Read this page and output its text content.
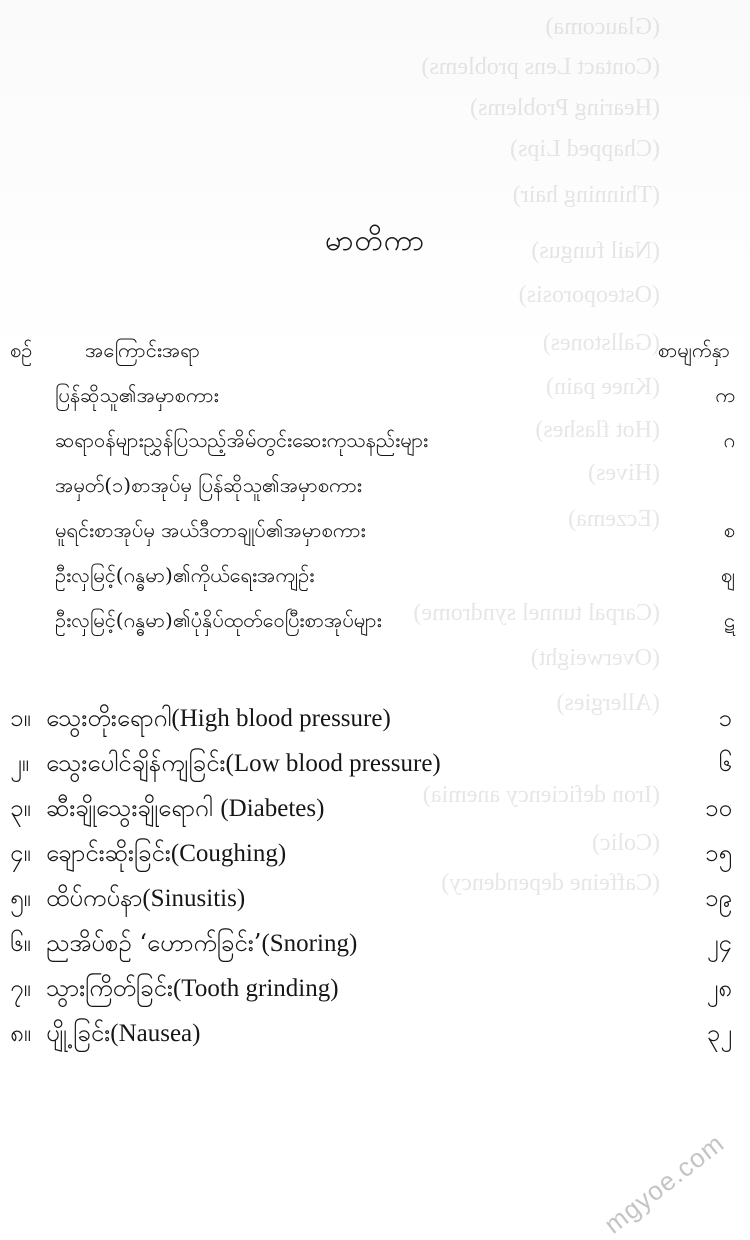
(Glaucoma)
(Contact Lens problems)
(Hearing Problems)
(Chapped Lips)
(Thinning hair)
(Nail fungus)
(Osteoporosis)
(Gallstones)
(Knee pain)
(Hot flashes)
(Hives)
(Eczema)
(Carpal tunnel syndrome)
(Overweight)
(Allergies)
(Iron deficiency anemia)
(Colic)
(Caffeine dependency)
မာတိကာ
စဉ်	အကြောင်းအရာ	စာမျက်နှာ
ပြန်ဆိုသူ၏အမှာစကား	က
ဆရာဝန်များညွှန်ပြသည့်အိမ်တွင်းဆေးကုသနည်းများ	ဂ
အမှတ်(၁)စာအုပ်မှ ပြန်ဆိုသူ၏အမှာစကား
မူရင်းစာအုပ်မှ အယ်ဒီတာချုပ်၏အမှာစကား	စ
ဦးလှမြင့်(ဂန္ဓမာ)၏ကိုယ်ရေးအကျဉ်း	ဈ
ဦးလှမြင့်(ဂန္ဓမာ)၏ပုံနှိပ်ထုတ်ဝေပြီးစာအုပ်များ	ဋ
၁။ သွေးတိုးရောဂါ(High blood pressure)	၁
၂။ သွေးပေါင်ချိန်ကျခြင်း(Low blood pressure)	၆
၃။ ဆီးချိုသွေးချိုရောဂါ (Diabetes)	၁၀
၄။ ချောင်းဆိုးခြင်း(Coughing)	၁၅
၅။ ထိပ်ကပ်နာ(Sinusitis)	၁၉
၆။ ညအိပ်စဉ် ‘ဟောက်ခြင်း’(Snoring)	၂၄
၇။ သွားကြိတ်ခြင်း(Tooth grinding)	၂၈
၈။ ပျို့ခြင်း(Nausea)	၃၂
mgyoe.com
